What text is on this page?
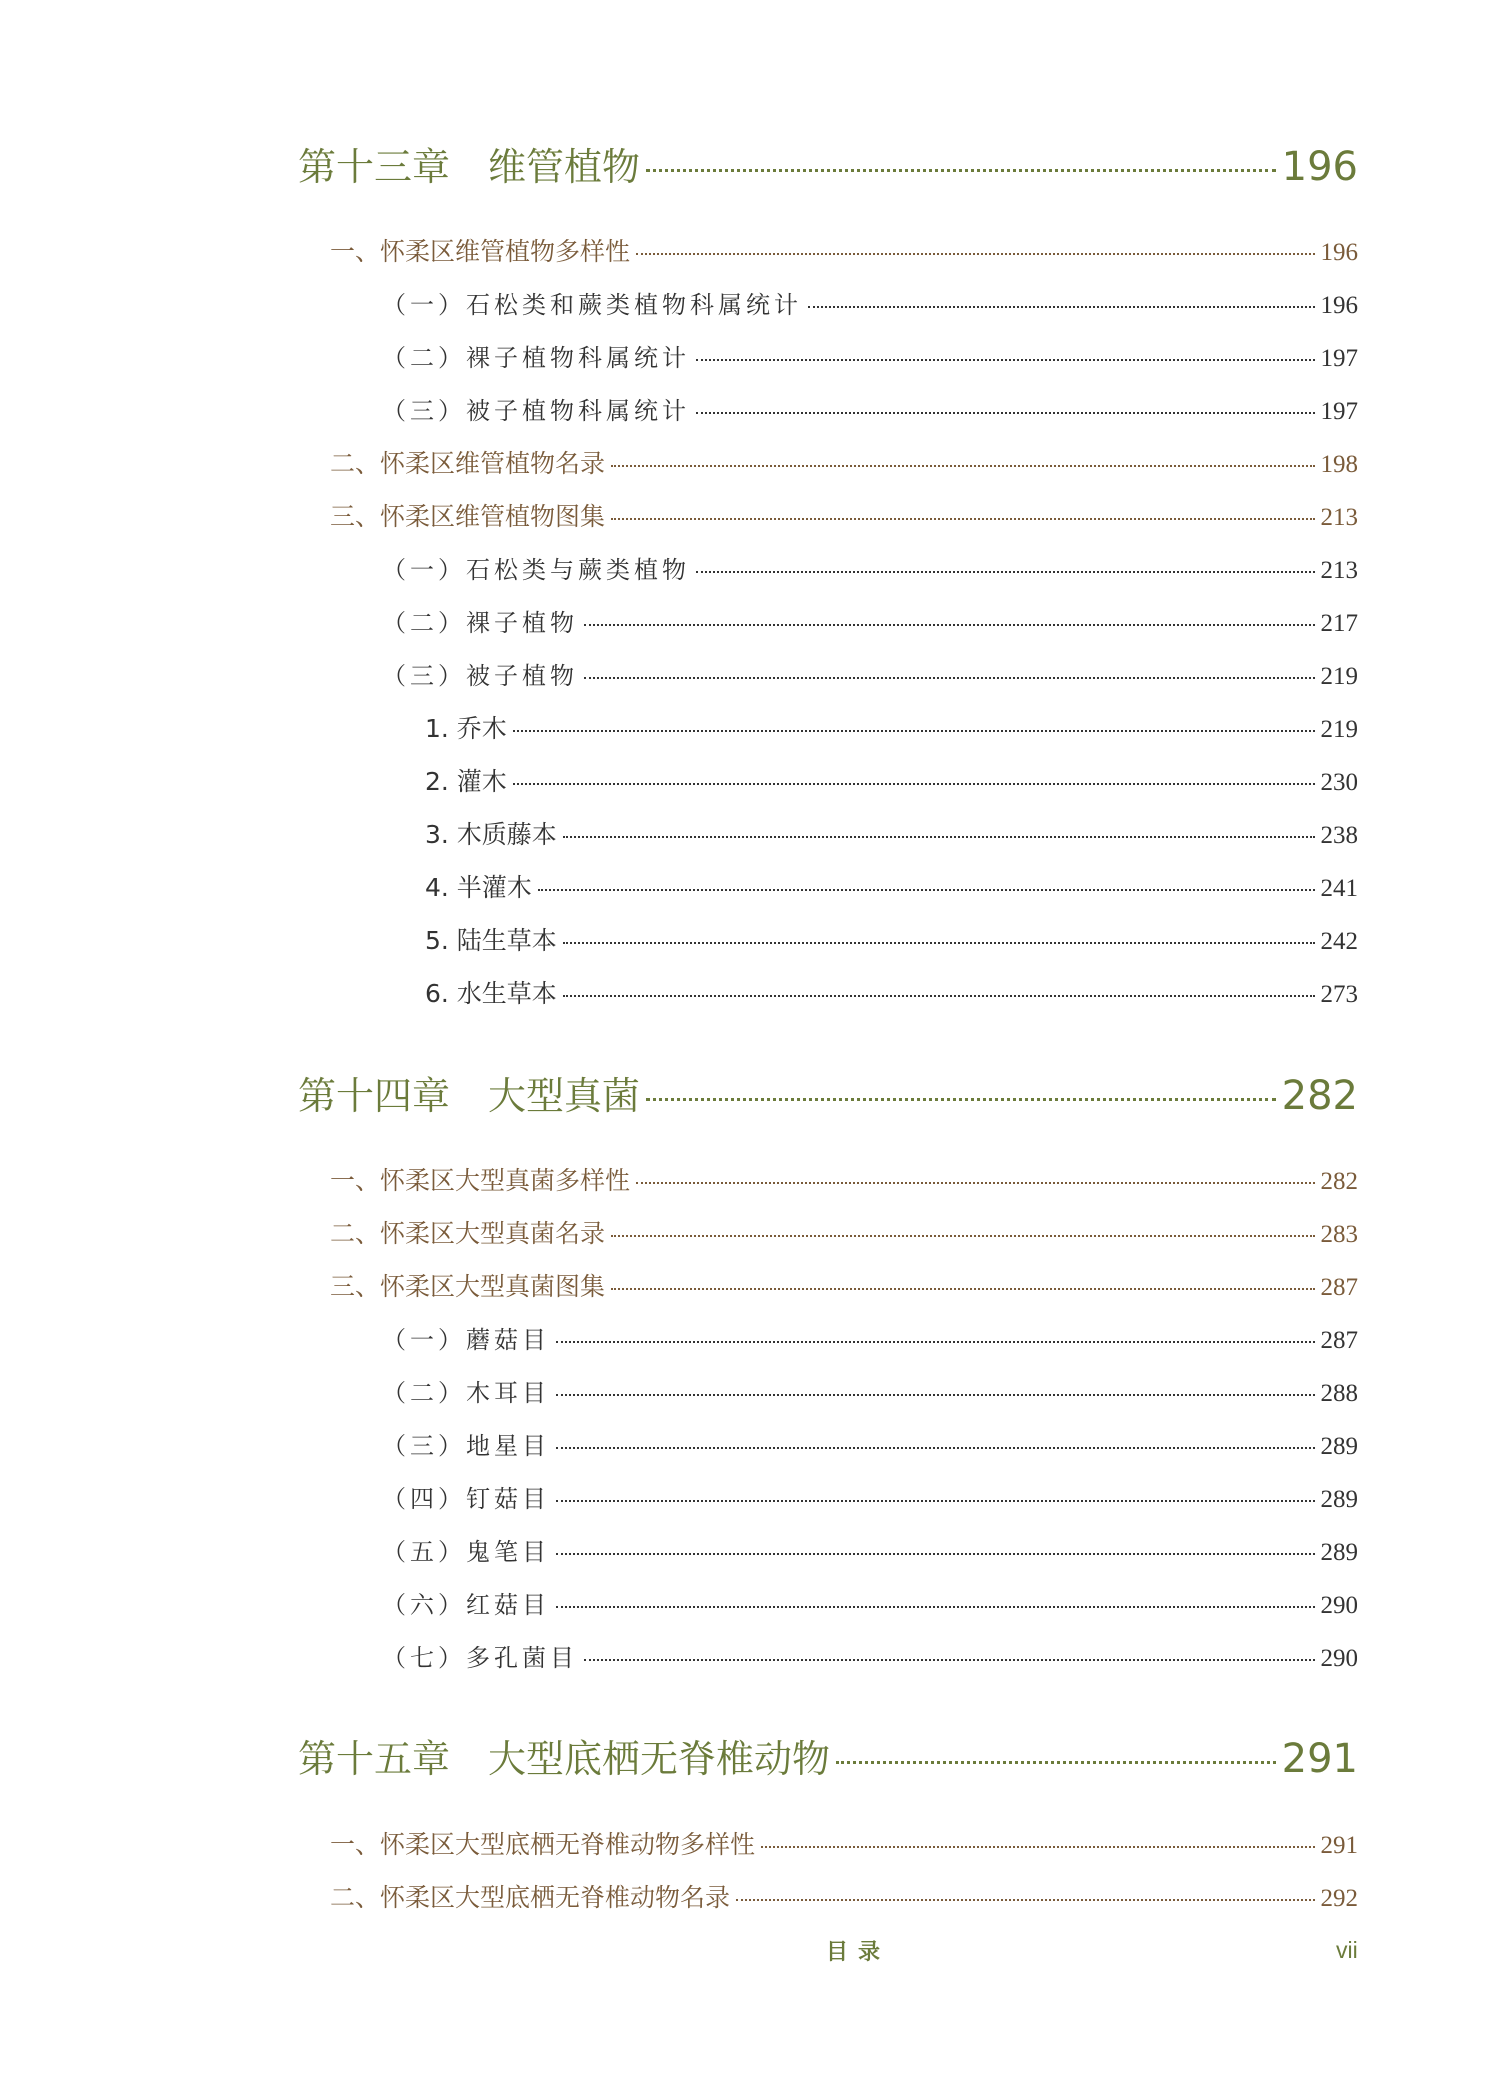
第十三章　维管植物	196
一、怀柔区维管植物多样性	196
（一）石松类和蕨类植物科属统计	196
（二）裸子植物科属统计	197
（三）被子植物科属统计	197
二、怀柔区维管植物名录	198
三、怀柔区维管植物图集	213
（一）石松类与蕨类植物	213
（二）裸子植物	217
（三）被子植物	219
1. 乔木	219
2. 灌木	230
3. 木质藤本	238
4. 半灌木	241
5. 陆生草本	242
6. 水生草本	273
第十四章　大型真菌	282
一、怀柔区大型真菌多样性	282
二、怀柔区大型真菌名录	283
三、怀柔区大型真菌图集	287
（一）蘑菇目	287
（二）木耳目	288
（三）地星目	289
（四）钉菇目	289
（五）鬼笔目	289
（六）红菇目	290
（七）多孔菌目	290
第十五章　大型底栖无脊椎动物	291
一、怀柔区大型底栖无脊椎动物多样性	291
二、怀柔区大型底栖无脊椎动物名录	292
目录	vii
